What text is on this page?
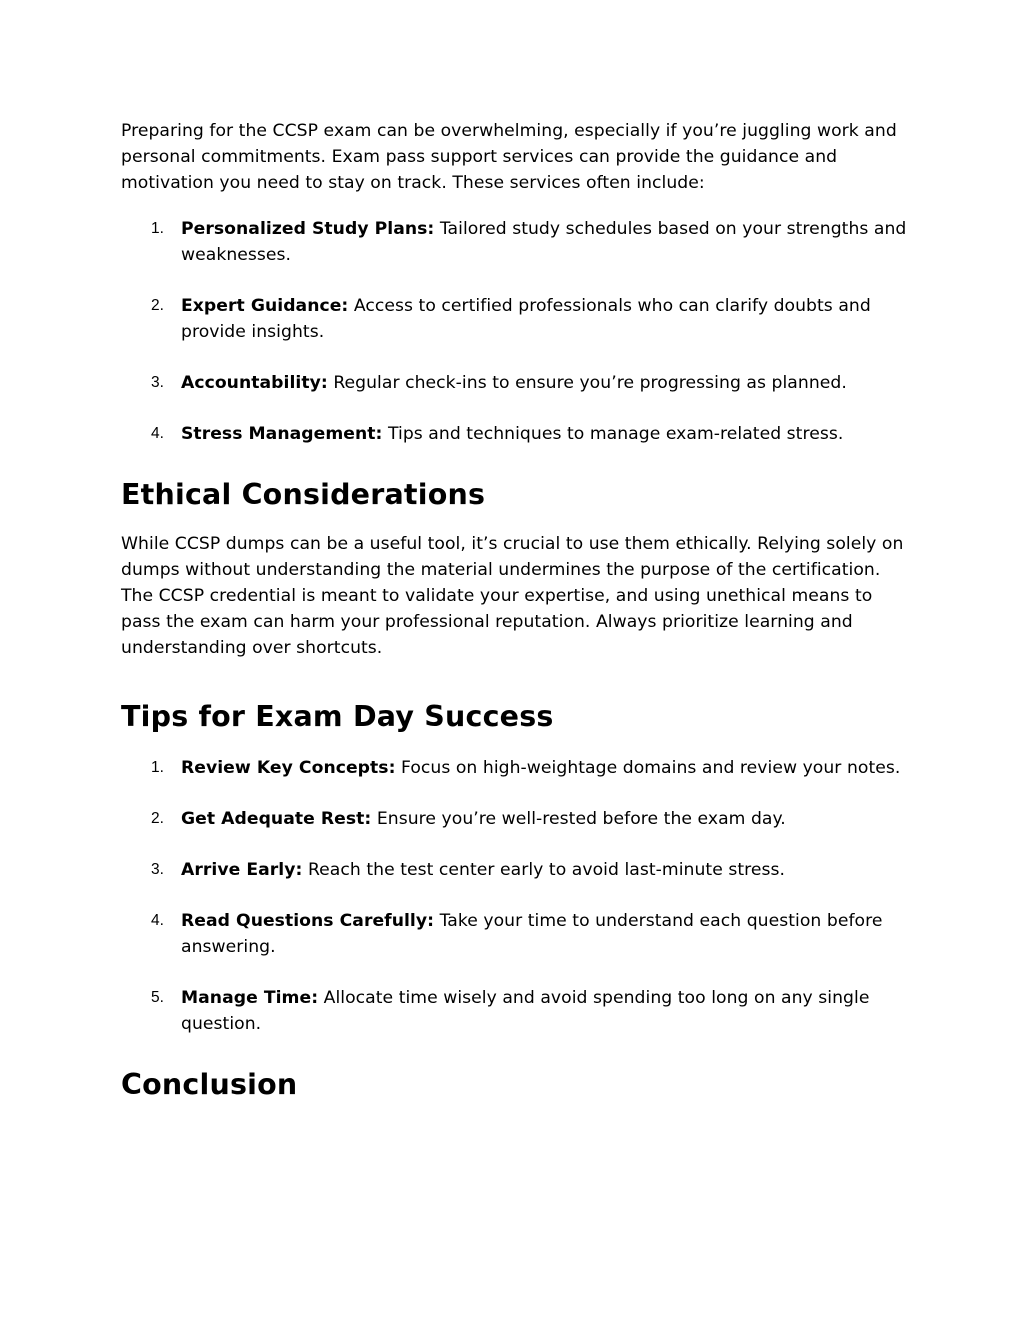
Preparing for the CCSP exam can be overwhelming, especially if you’re juggling work and personal commitments. Exam pass support services can provide the guidance and motivation you need to stay on track. These services often include:

1. Personalized Study Plans: Tailored study schedules based on your strengths and weaknesses.
2. Expert Guidance: Access to certified professionals who can clarify doubts and provide insights.
3. Accountability: Regular check-ins to ensure you’re progressing as planned.
4. Stress Management: Tips and techniques to manage exam-related stress.
Ethical Considerations

While CCSP dumps can be a useful tool, it’s crucial to use them ethically. Relying solely on dumps without understanding the material undermines the purpose of the certification. The CCSP credential is meant to validate your expertise, and using unethical means to pass the exam can harm your professional reputation. Always prioritize learning and understanding over shortcuts.

Tips for Exam Day Success
1. Review Key Concepts: Focus on high-weightage domains and review your notes.
2. Get Adequate Rest: Ensure you’re well-rested before the exam day.
3. Arrive Early: Reach the test center early to avoid last-minute stress.
4. Read Questions Carefully: Take your time to understand each question before answering.
5. Manage Time: Allocate time wisely and avoid spending too long on any single question.
Conclusion
